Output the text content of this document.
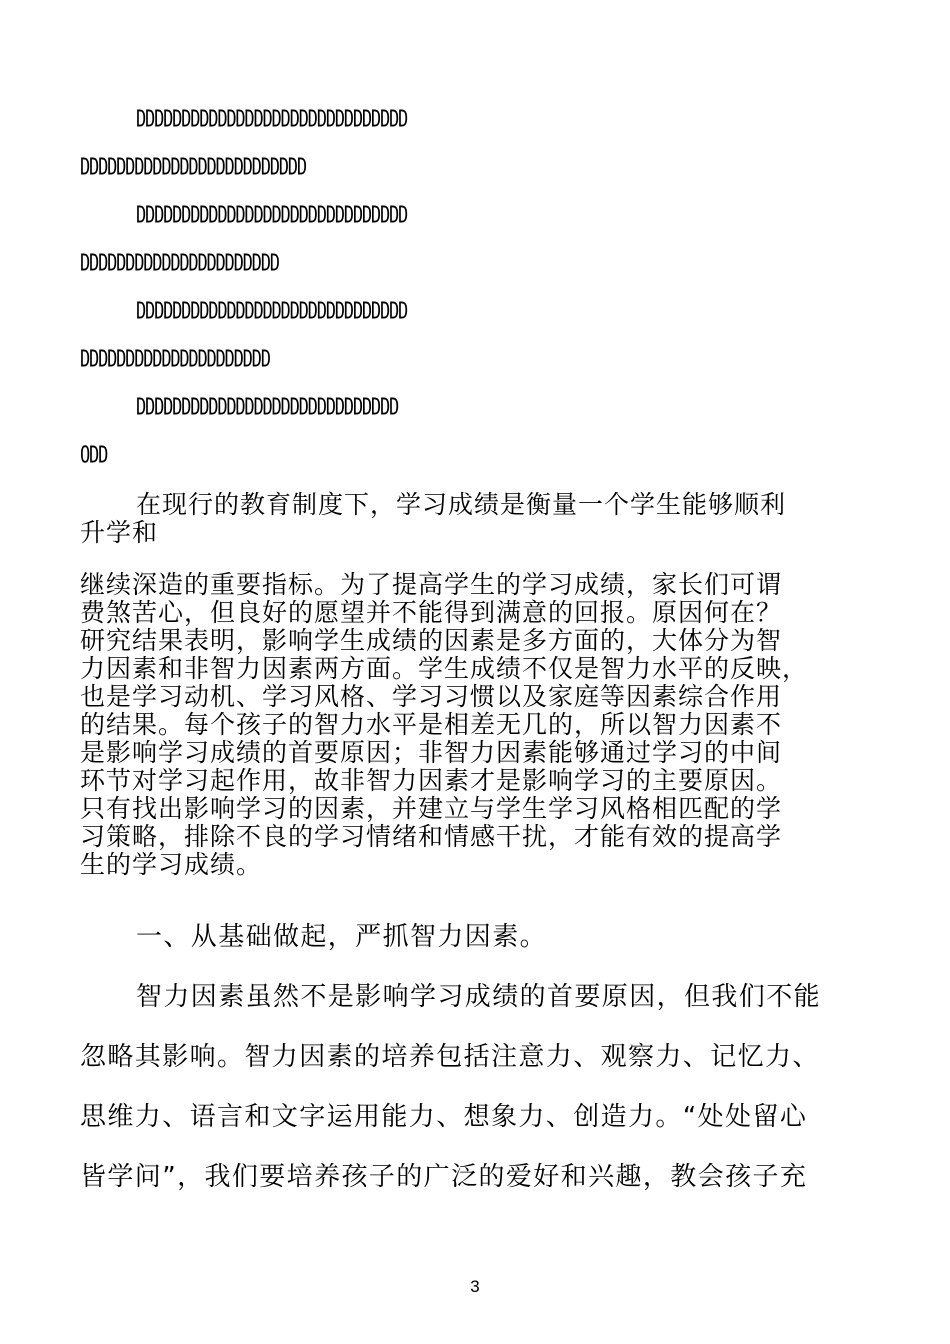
DDDDDDDDDDDDDDDDDDDDDDDDDDDDDD
DDDDDDDDDDDDDDDDDDDDDDDDD
DDDDDDDDDDDDDDDDDDDDDDDDDDDDDD
DDDDDDDDDDDDDDDDDDDDDD
DDDDDDDDDDDDDDDDDDDDDDDDDDDDDD
DDDDDDDDDDDDDDDDDDDDD
DDDDDDDDDDDDDDDDDDDDDDDDDDDDD
ODD
在现行的教育制度下，学习成绩是衡量一个学生能够顺利
升学和
继续深造的重要指标。为了提高学生的学习成绩，家长们可谓
费煞苦心，但良好的愿望并不能得到满意的回报。原因何在？
研究结果表明，影响学生成绩的因素是多方面的，大体分为智
力因素和非智力因素两方面。学生成绩不仅是智力水平的反映，
也是学习动机、学习风格、学习习惯以及家庭等因素综合作用
的结果。每个孩子的智力水平是相差无几的，所以智力因素不
是影响学习成绩的首要原因；非智力因素能够通过学习的中间
环节对学习起作用，故非智力因素才是影响学习的主要原因。
只有找出影响学习的因素，并建立与学生学习风格相匹配的学
习策略，排除不良的学习情绪和情感干扰，才能有效的提高学
生的学习成绩。
一、从基础做起，严抓智力因素。
智力因素虽然不是影响学习成绩的首要原因，但我们不能
忽略其影响。智力因素的培养包括注意力、观察力、记忆力、
思维力、语言和文字运用能力、想象力、创造力。“处处留心
皆学问”，我们要培养孩子的广泛的爱好和兴趣，教会孩子充
3
